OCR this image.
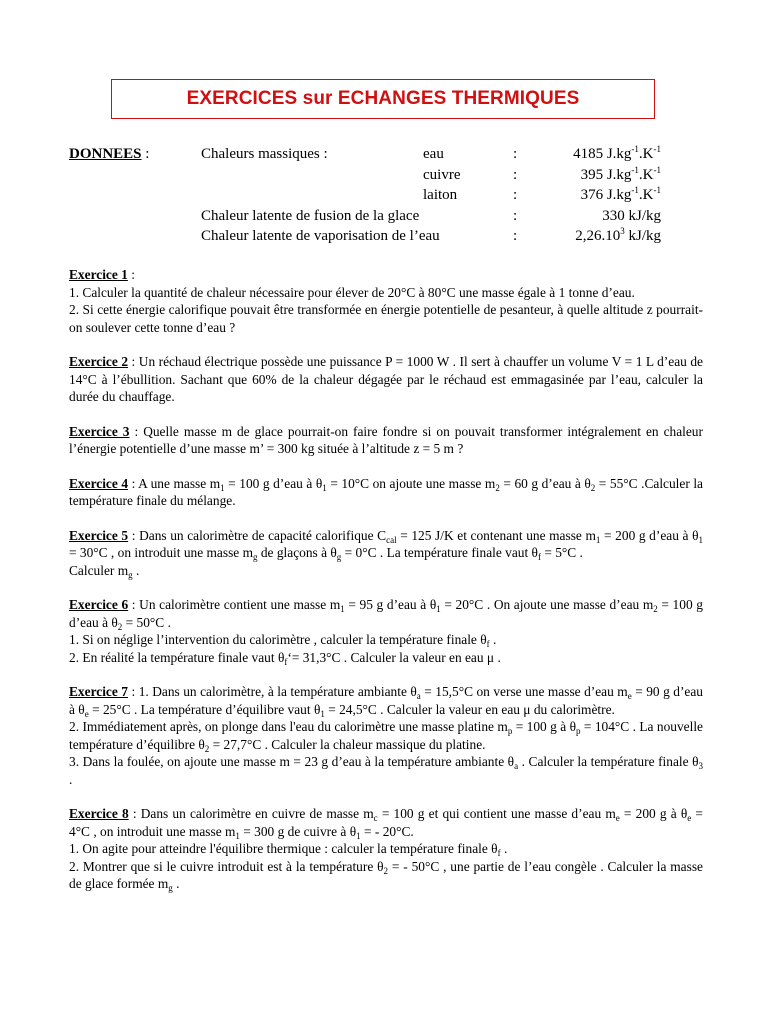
EXERCICES sur ECHANGES THERMIQUES
DONNEES :	Chaleurs massiques :	eau	:	4185 $J.kg^{-1}.K^{-1}$
cuivre	:	395 $J.kg^{-1}.K^{-1}$
laiton	:	376 $J.kg^{-1}.K^{-1}$
Chaleur latente de fusion de la glace	:	330 kJ/kg
Chaleur latente de vaporisation de l’eau	:	2,26.10$^3$ kJ/kg

Exercice 1 :

1. Calculer la quantité de chaleur nécessaire pour élever de 20°C à 80°C une masse égale à 1 tonne d’eau.

2. Si cette énergie calorifique pouvait être transformée en énergie potentielle de pesanteur, à quelle altitude z pourrait-on soulever cette tonne d’eau ?

Exercice 2 : Un réchaud électrique possède une puissance P = 1000 W . Il sert à chauffer un volume V = 1 L d’eau de 14°C à l’ébullition. Sachant que 60% de la chaleur dégagée par le réchaud est emmagasinée par l’eau, calculer la durée du chauffage.

Exercice 3 : Quelle masse m de glace pourrait-on faire fondre si on pouvait transformer intégralement en chaleur l’énergie potentielle d’une masse m’ = 300 kg située à l’altitude z = 5 m ?

Exercice 4 : A une masse $m_1 = 100$ g d’eau à $\theta_1 = 10^\circ C$ on ajoute une masse $m_2 = 60$ g d’eau à $\theta_2 = 55^\circ C$ .Calculer la température finale du mélange.

Exercice 5 : Dans un calorimètre de capacité calorifique $C_{cal} = 125$ J/K et contenant une masse $m_1 = 200$ g d’eau à $\theta_1 = 30^\circ C$ , on introduit une masse $m_g$ de glaçons à $\theta_g = 0^\circ C$ . La température finale vaut $\theta_f = 5^\circ C$ .

Calculer $m_g$ .

Exercice 6 : Un calorimètre contient une masse $m_1 = 95$ g d’eau à $\theta_1 = 20^\circ C$ . On ajoute une masse d’eau $m_2 = 100$ g d’eau à $\theta_2 = 50^\circ C$ .

1. Si on néglige l’intervention du calorimètre , calculer la température finale $\theta_f$ .

2. En réalité la température finale vaut $\theta_f‘= 31,3^\circ C$ . Calculer la valeur en eau μ .

Exercice 7 : 1. Dans un calorimètre, à la température ambiante $\theta_a = 15,5^\circ C$ on verse une masse d’eau $m_e = 90$ g d’eau à $\theta_e = 25^\circ C$ . La température d’équilibre vaut $\theta_1 = 24,5^\circ C$ . Calculer la valeur en eau μ du calorimètre.

2. Immédiatement après, on plonge dans l'eau du calorimètre une masse platine $m_p = 100$ g à $\theta_p = 104^\circ C$ . La nouvelle température d’équilibre $\theta_2 = 27,7^\circ C$ . Calculer la chaleur massique du platine.

3. Dans la foulée, on ajoute une masse m = 23 g d’eau à la température ambiante $\theta_a$ . Calculer la température finale $\theta_3$ .

Exercice 8 : Dans un calorimètre en cuivre de masse $m_c = 100$ g et qui contient une masse d’eau $m_e = 200$ g à $\theta_e = 4^\circ C$ , on introduit une masse $m_1 = 300$ g de cuivre à $\theta_1$ = - 20°C.

1. On agite pour atteindre l'équilibre thermique : calculer la température finale $\theta_f$ .

2. Montrer que si le cuivre introduit est à la température $\theta_2$ = - 50°C , une partie de l’eau congèle . Calculer la masse de glace formée $m_g$ .
